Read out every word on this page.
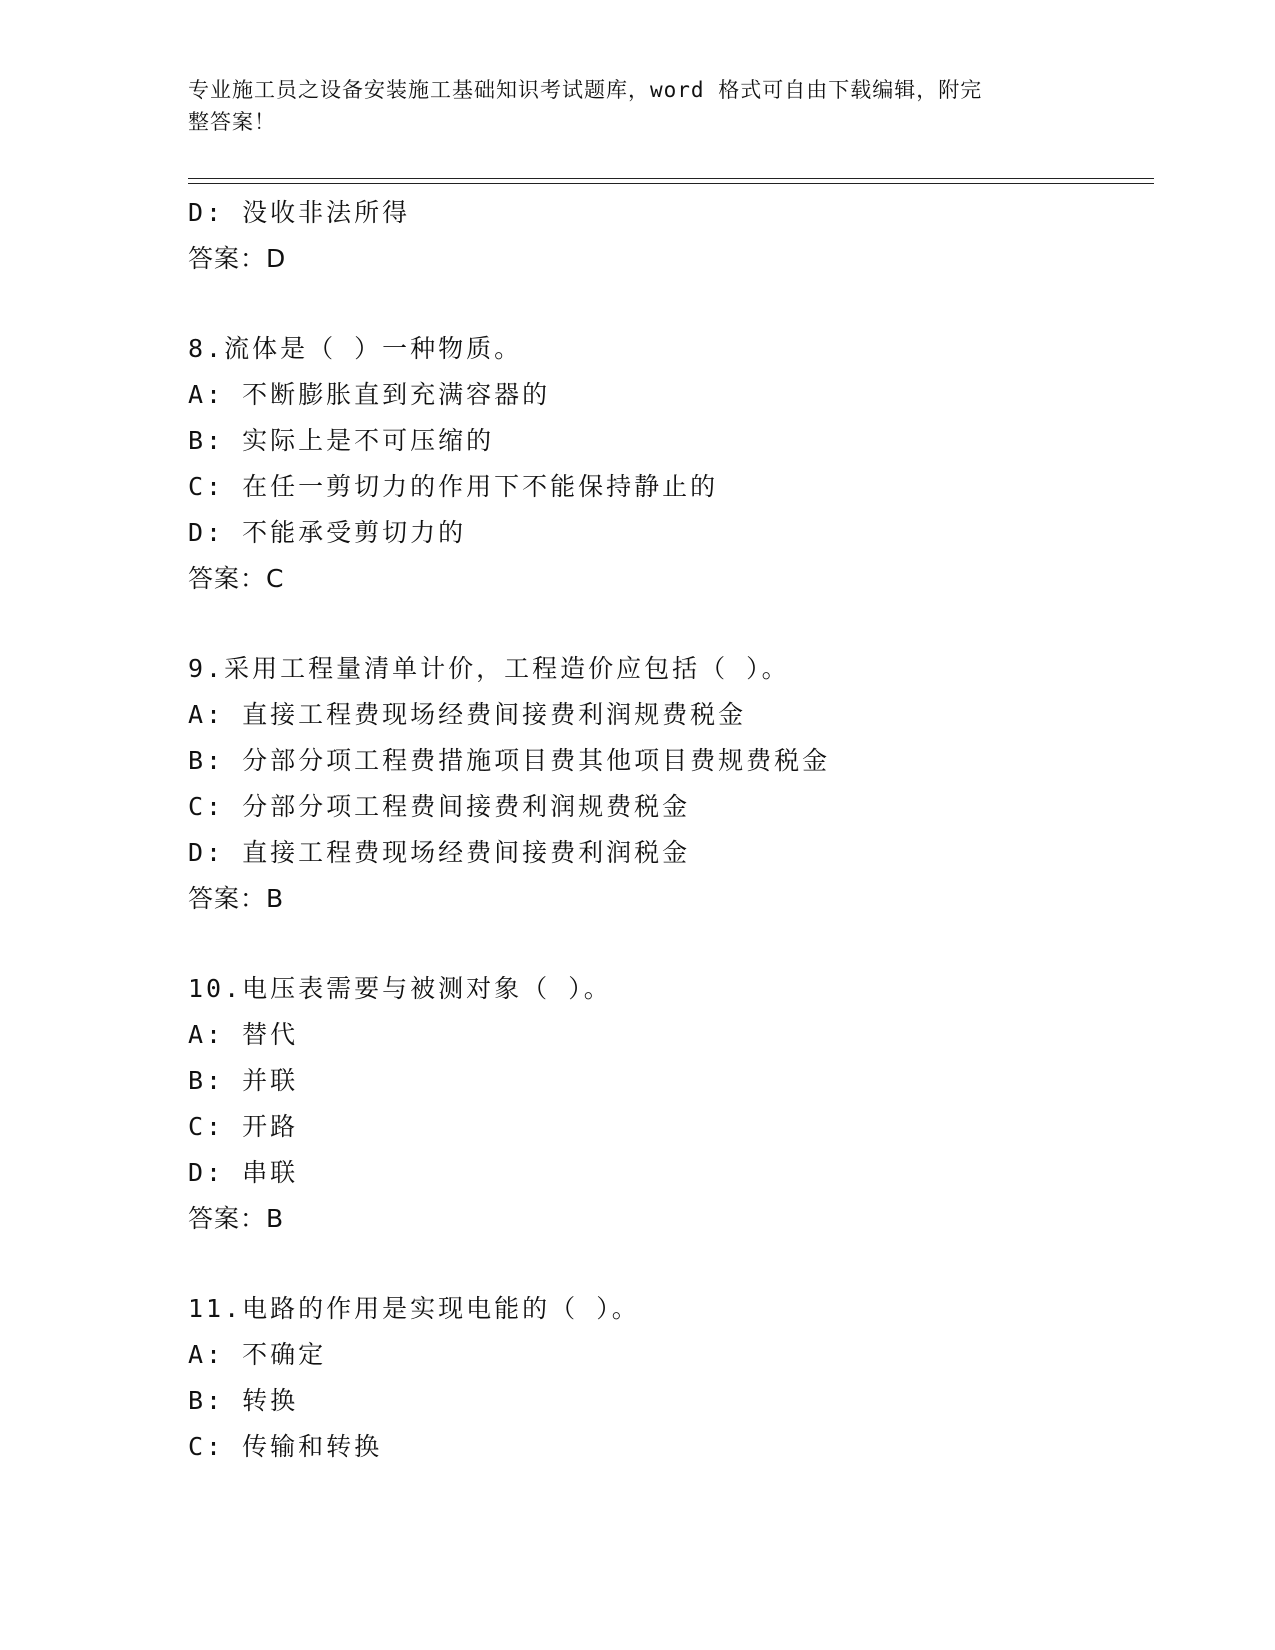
专业施工员之设备安装施工基础知识考试题库，word 格式可自由下载编辑，附完
整答案！
D: 没收非法所得
答案：D
8.流体是（ ）一种物质。
A: 不断膨胀直到充满容器的
B: 实际上是不可压缩的
C: 在任一剪切力的作用下不能保持静止的
D: 不能承受剪切力的
答案：C
9.采用工程量清单计价，工程造价应包括（ ）。
A: 直接工程费现场经费间接费利润规费税金
B: 分部分项工程费措施项目费其他项目费规费税金
C: 分部分项工程费间接费利润规费税金
D: 直接工程费现场经费间接费利润税金
答案：B
10.电压表需要与被测对象（ ）。
A: 替代
B: 并联
C: 开路
D: 串联
答案：B
11.电路的作用是实现电能的（ ）。
A: 不确定
B: 转换
C: 传输和转换
